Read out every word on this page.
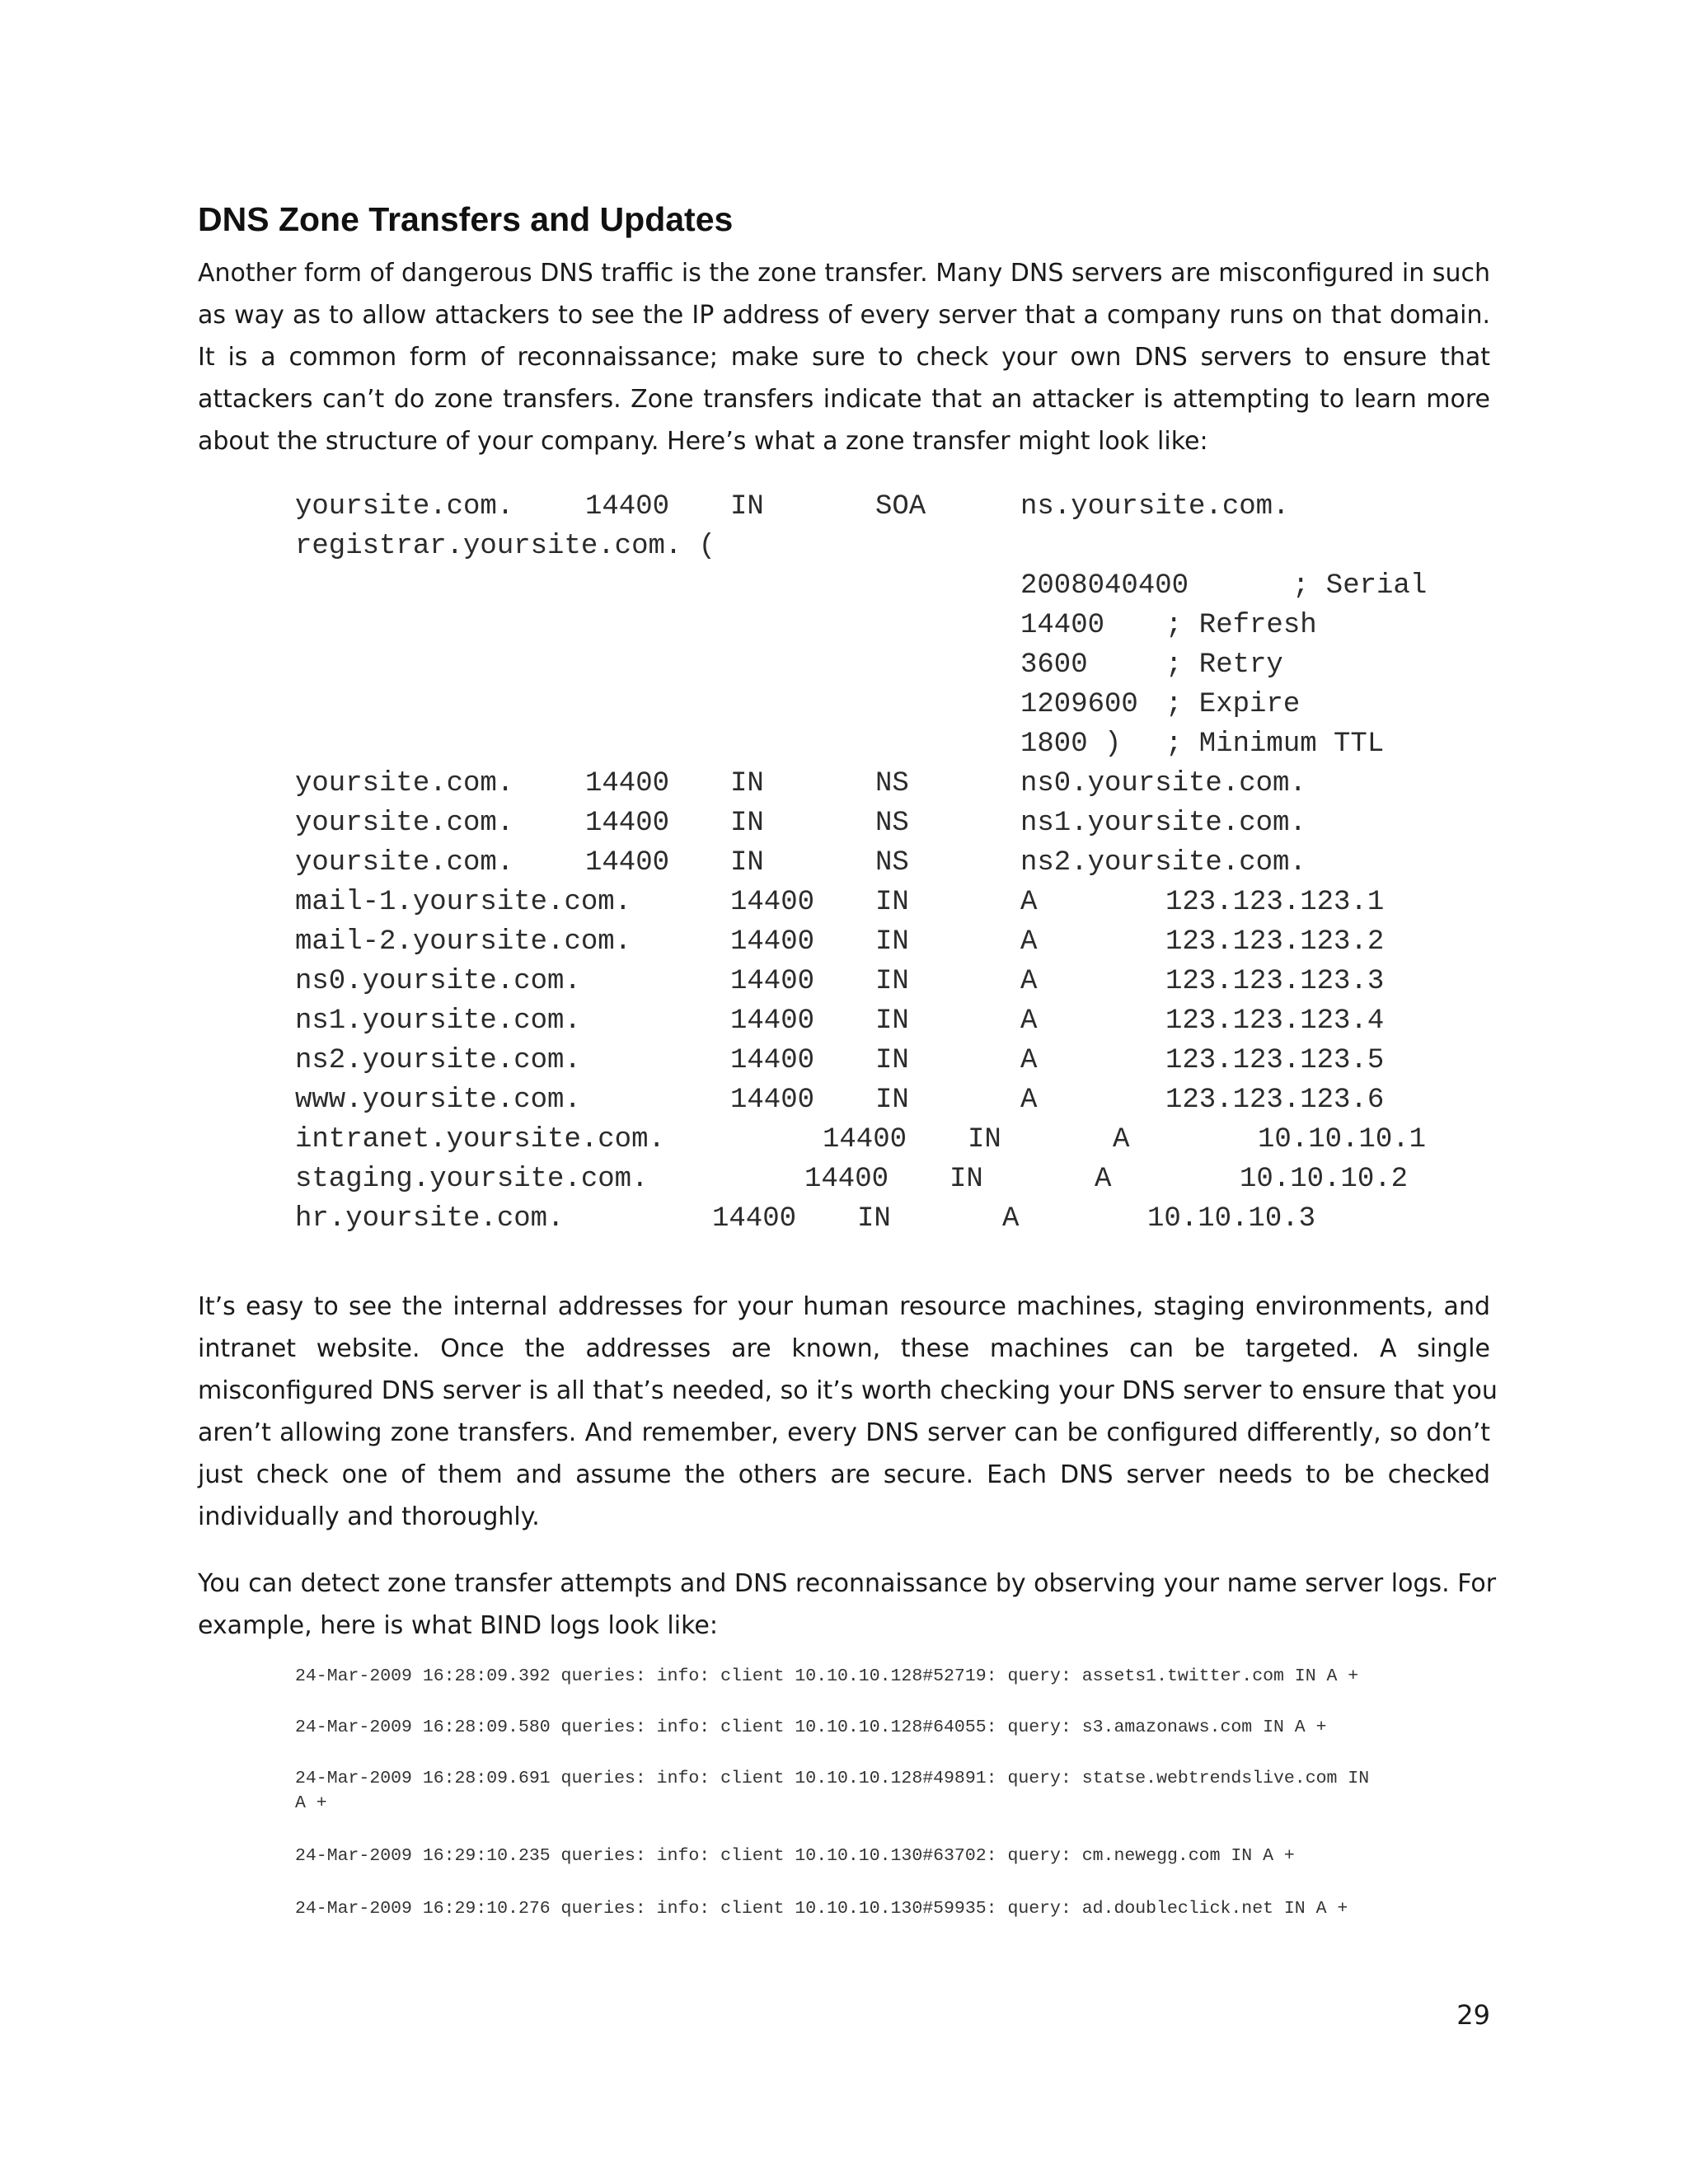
DNS Zone Transfers and Updates
Another form of dangerous DNS traffic is the zone transfer. Many DNS servers are misconfigured in such
as way as to allow attackers to see the IP address of every server that a company runs on that domain.
It is a common form of reconnaissance; make sure to check your own DNS servers to ensure that
attackers can’t do zone transfers. Zone transfers indicate that an attacker is attempting to learn more
about the structure of your company. Here’s what a zone transfer might look like:
yoursite.com.	14400 IN	SOA	ns.yoursite.com.
registrar.yoursite.com. (
2008040400	; Serial
14400 ; Refresh
3600	; Retry
1209600 ; Expire
1800 ) ; Minimum TTL
yoursite.com.	14400 IN	NS	ns0.yoursite.com.
yoursite.com.	14400 IN	NS	ns1.yoursite.com.
yoursite.com.	14400 IN	NS	ns2.yoursite.com.
mail-1.yoursite.com.	14400 IN	A	123.123.123.1
mail-2.yoursite.com.	14400 IN	A	123.123.123.2
ns0.yoursite.com.	14400 IN	A	123.123.123.3
ns1.yoursite.com.	14400 IN	A	123.123.123.4
ns2.yoursite.com.	14400 IN	A	123.123.123.5
www.yoursite.com.	14400 IN	A	123.123.123.6
intranet.yoursite.com.	14400 IN	A	10.10.10.1
staging.yoursite.com.	14400 IN	A	10.10.10.2
hr.yoursite.com.	14400 IN	A	10.10.10.3
It’s easy to see the internal addresses for your human resource machines, staging environments, and
intranet website. Once the addresses are known, these machines can be targeted. A single
misconfigured DNS server is all that’s needed, so it’s worth checking your DNS server to ensure that you
aren’t allowing zone transfers. And remember, every DNS server can be configured differently, so don’t
just check one of them and assume the others are secure. Each DNS server needs to be checked
individually and thoroughly.
You can detect zone transfer attempts and DNS reconnaissance by observing your name server logs. For
example, here is what BIND logs look like:
24-Mar-2009 16:28:09.392 queries: info: client 10.10.10.128#52719: query: assets1.twitter.com IN A +
24-Mar-2009 16:28:09.580 queries: info: client 10.10.10.128#64055: query: s3.amazonaws.com IN A +
24-Mar-2009 16:28:09.691 queries: info: client 10.10.10.128#49891: query: statse.webtrendslive.com IN
A +
24-Mar-2009 16:29:10.235 queries: info: client 10.10.10.130#63702: query: cm.newegg.com IN A +
24-Mar-2009 16:29:10.276 queries: info: client 10.10.10.130#59935: query: ad.doubleclick.net IN A +
29
